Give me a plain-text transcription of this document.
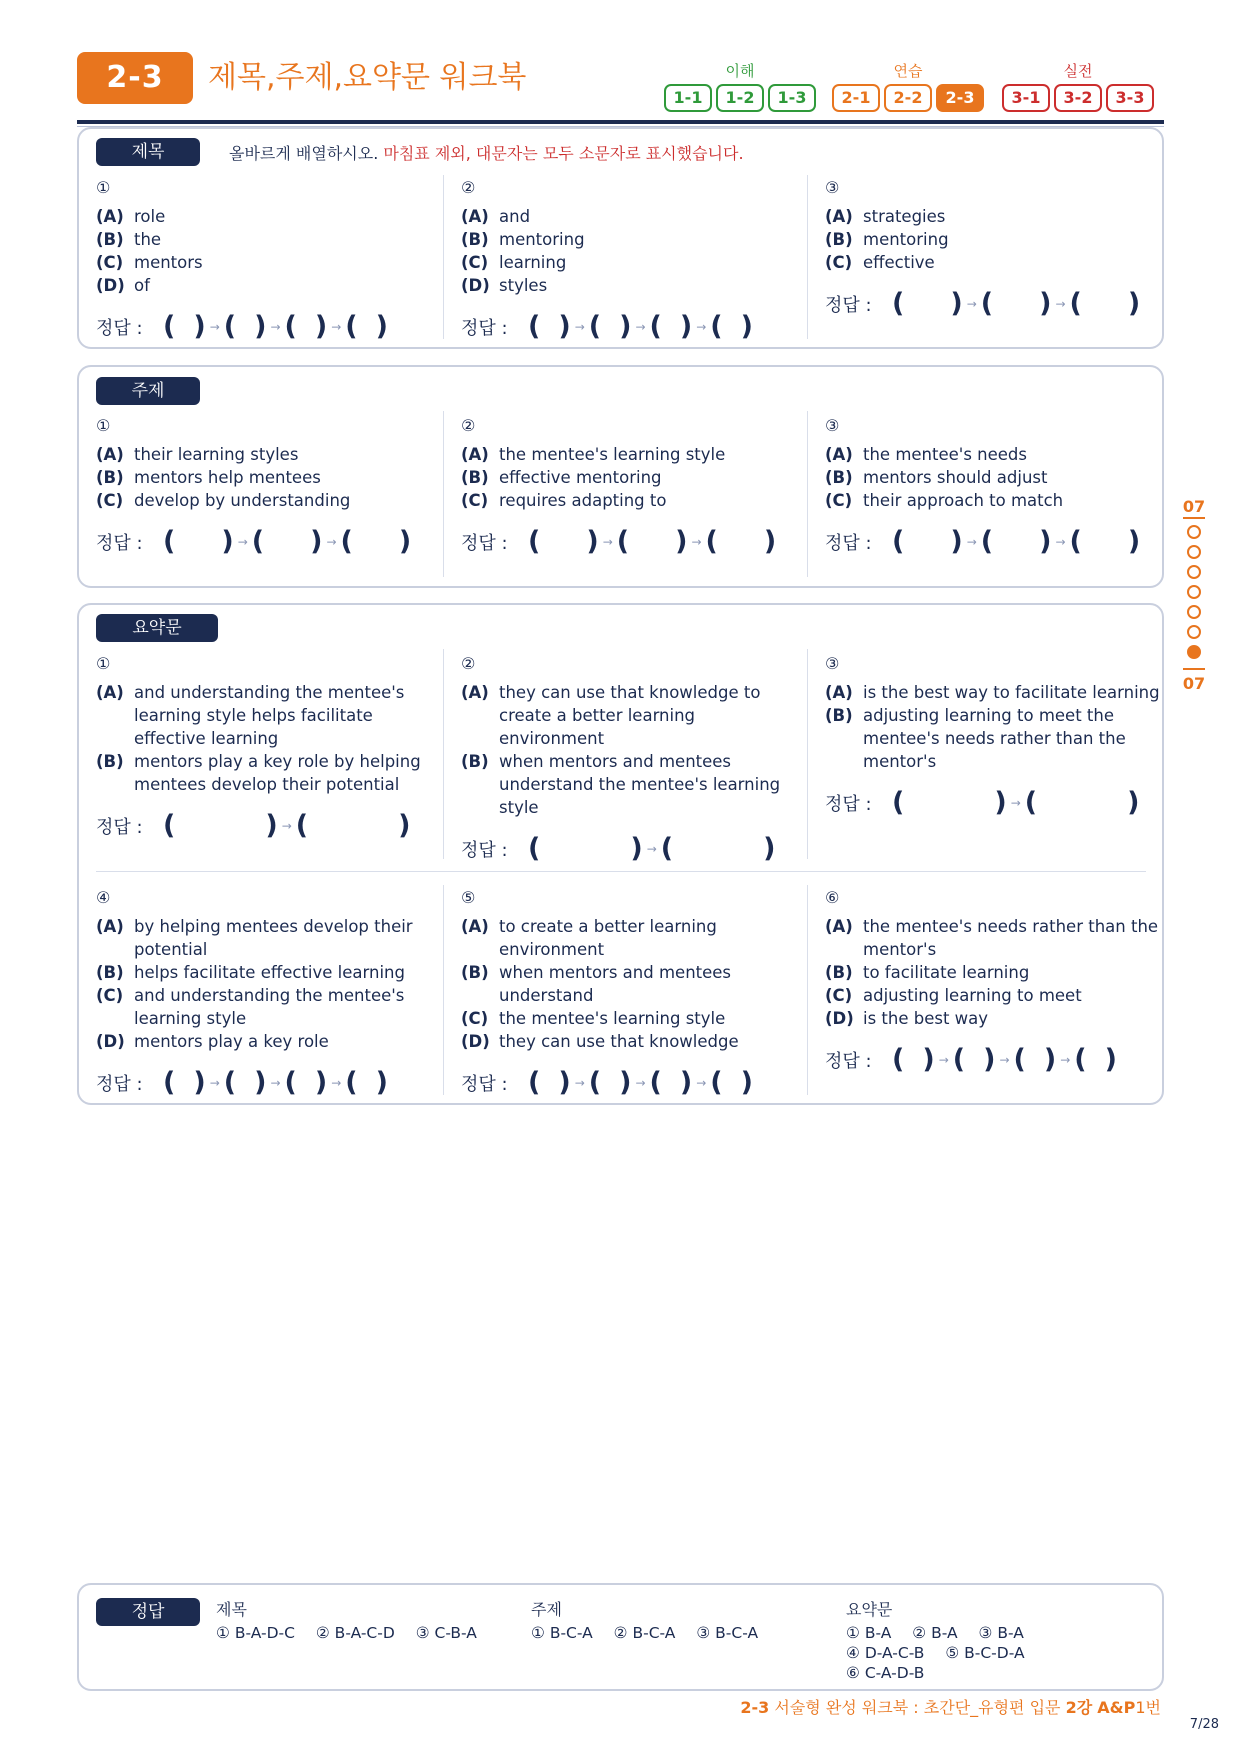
2-3	제목,주제,요약문 워크북	이해
1-1	1-2	1-3
연습
2-1	2-2	2-3
실전
3-1	3-2	3-3
제목	올바르게 배열하시오. 마침표 제외, 대문자는 모두 소문자로 표시했습니다.
①
(A) role
(B) the
(C) mentors
(D) of
정답 : ( ) → ( ) → ( ) → ( )
②
(A) and
(B) mentoring
(C) learning
(D) styles
정답 : ( ) → ( ) → ( ) → ( )
③
(A) strategies
(B) mentoring
(C) effective
정답 : ( ) → ( ) → ( )
주제
①
(A) their learning styles
(B) mentors help mentees
(C) develop by understanding
정답 : ( ) → ( ) → ( )
②
(A) the mentee's learning style
(B) effective mentoring
(C) requires adapting to
정답 : ( ) → ( ) → ( )
③
(A) the mentee's needs
(B) mentors should adjust
(C) their approach to match
정답 : ( ) → ( ) → ( )
요약문
①
(A) and understanding the mentee's learning style helps facilitate effective learning
(B) mentors play a key role by helping mentees develop their potential
정답 : (	) → (	)
②
(A) they can use that knowledge to create a better learning environment
(B) when mentors and mentees understand the mentee's learning style
정답 : (	) → (	)
③
(A) is the best way to facilitate learning
(B) adjusting learning to meet the mentee's needs rather than the mentor's
정답 : (	) → (	)
④
(A) by helping mentees develop their potential
(B) helps facilitate effective learning
(C) and understanding the mentee's learning style
(D) mentors play a key role
정답 : ( ) → ( ) → ( ) → ( )
⑤
(A) to create a better learning environment
(B) when mentors and mentees understand
(C) the mentee's learning style
(D) they can use that knowledge
정답 : ( ) → ( ) → ( ) → ( )
⑥
(A) the mentee's needs rather than the mentor's
(B) to facilitate learning
(C) adjusting learning to meet
(D) is the best way
정답 : ( ) → ( ) → ( ) → ( )
07
07
정답	제목
① B-A-D-C ② B-A-C-D ③ C-B-A
주제
① B-C-A ② B-C-A ③ B-C-A
요약문
① B-A ② B-A ③ B-A
④ D-A-C-B ⑤ B-C-D-A
⑥ C-A-D-B
2-3 서술형 완성 워크북 : 초간단_유형편 입문 2강 A&P1번
7/28
